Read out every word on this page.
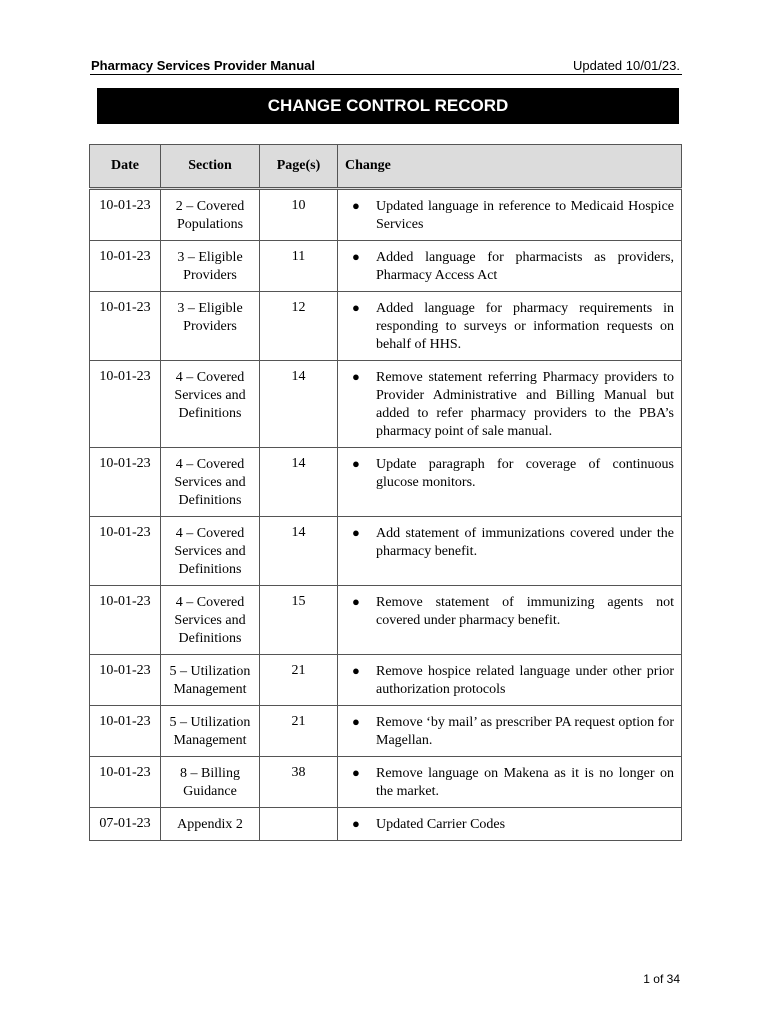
Pharmacy Services Provider Manual	Updated 10/01/23.
CHANGE CONTROL RECORD
Date	Section	Page(s)	Change
10-01-23	2 – Covered Populations	10	● Updated language in reference to Medicaid Hospice Services

10-01-23	3 – Eligible Providers	11	● Added language for pharmacists as providers, Pharmacy Access Act

10-01-23	3 – Eligible Providers	12	● Added language for pharmacy requirements in responding to surveys or information requests on behalf of HHS.

10-01-23	4 – Covered Services and Definitions	14	● Remove statement referring Pharmacy providers to Provider Administrative and Billing Manual but added to refer pharmacy providers to the PBA’s pharmacy point of sale manual.

10-01-23	4 – Covered Services and Definitions	14	● Update paragraph for coverage of continuous glucose monitors.

10-01-23	4 – Covered Services and Definitions	14	● Add statement of immunizations covered under the pharmacy benefit.

10-01-23	4 – Covered Services and Definitions	15	● Remove statement of immunizing agents not covered under pharmacy benefit.

10-01-23	5 – Utilization Management	21	● Remove hospice related language under other prior authorization protocols

10-01-23	5 – Utilization Management	21	● Remove ‘by mail’ as prescriber PA request option for Magellan.

10-01-23	8 – Billing Guidance	38	● Remove language on Makena as it is no longer on the market.

07-01-23	Appendix 2		● Updated Carrier Codes
1 of 34
